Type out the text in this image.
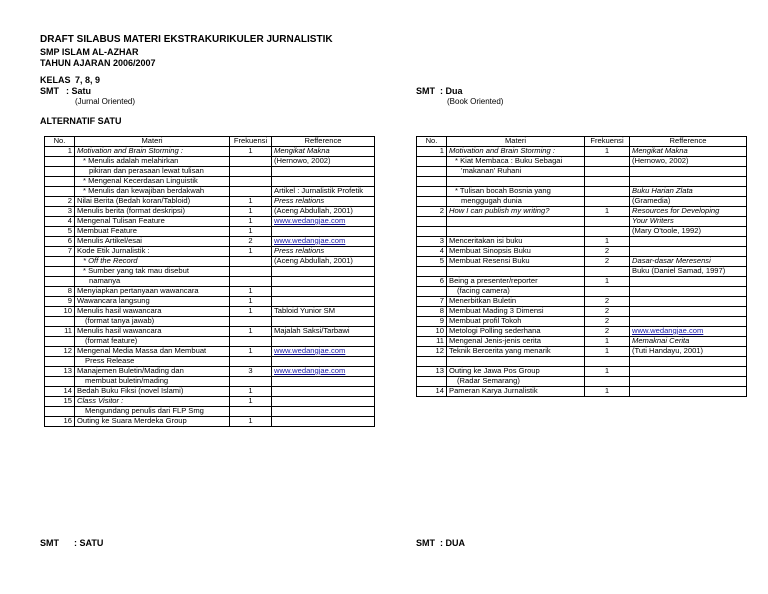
DRAFT SILABUS MATERI EKSTRAKURIKULER JURNALISTIK
SMP ISLAM AL-AZHAR
TAHUN AJARAN 2006/2007
KELAS 7, 8, 9
SMT : Satu
(Jurnal Oriented)
SMT : Dua
(Book Oriented)
ALTERNATIF SATU
No.	Materi	Frekuensi	Refference
1	Motivation and Brain Storming :	1	Mengikat Makna
	* Menulis adalah melahirkan		(Hernowo, 2002)
	pikiran dan perasaan lewat tulisan		
	* Mengenal Kecerdasan Linguistik		
	* Menulis dan kewajiban berdakwah		Artikel : Jurnalistik Profetik
2	Nilai Berita (Bedah koran/Tabloid)	1	Press relations
3	Menulis berita (format deskripsi)	1	(Aceng Abdullah, 2001)
4	Mengenal Tulisan Feature	1	www.wedangjae.com
5	Membuat Feature	1	
6	Menulis Artikel/esai	2	www.wedangjae.com
7	Kode Etik Jurnalistik :	1	Press relations
	* Off the Record		(Aceng Abdullah, 2001)
	* Sumber yang tak mau disebut		
	namanya		
8	Menyiapkan pertanyaan wawancara	1	
9	Wawancara langsung	1	
10	Menulis hasil wawancara	1	Tabloid Yunior SM
	(format tanya jawab)		
11	Menulis hasil wawancara	1	Majalah Saksi/Tarbawi
	(format feature)		
12	Mengenal Media Massa dan Membuat	1	www.wedangjae.com
	Press Release		
13	Manajemen Buletin/Mading dan	3	www.wedangjae.com
	membuat buletin/mading		
14	Bedah Buku Fiksi (novel Islami)	1	
15	Class Visitor :	1	
	Mengundang penulis dari FLP Smg		
16	Outing ke Suara Merdeka Group	1	
No.	Materi	Frekuensi	Refference
1	Motivation and Brain Storming :	1	Mengikat Makna
	* Kiat Membaca : Buku Sebagai		(Hernowo, 2002)
	'makanan' Ruhani		

	* Tulisan bocah Bosnia yang		Buku Harian Zlata
	menggugah dunia		(Gramedia)
2	How I can publish my writing?	1	Resources for Developing
			Your Writers
			(Mary O'toole, 1992)
3	Menceritakan isi buku	1	
4	Membuat Sinopsis Buku	2	
5	Membuat Resensi Buku	2	Dasar-dasar Meresensi
			Buku (Daniel Samad, 1997)
6	Being a presenter/reporter	1	
	(facing camera)		
7	Menerbitkan Buletin	2	
8	Membuat Mading 3 Dimensi	2	
9	Membuat profil Tokoh	2	
10	Metologi Polling sederhana	2	www.wedangjae.com
11	Mengenal Jenis-jenis cerita	1	Memaknai Cerita
12	Teknik Bercerita yang menarik	1	(Tuti Handayu, 2001)

13	Outing ke Jawa Pos Group	1	
	(Radar Semarang)		
14	Pameran Karya Jurnalistik	1	
SMT : SATU	SMT : DUA
